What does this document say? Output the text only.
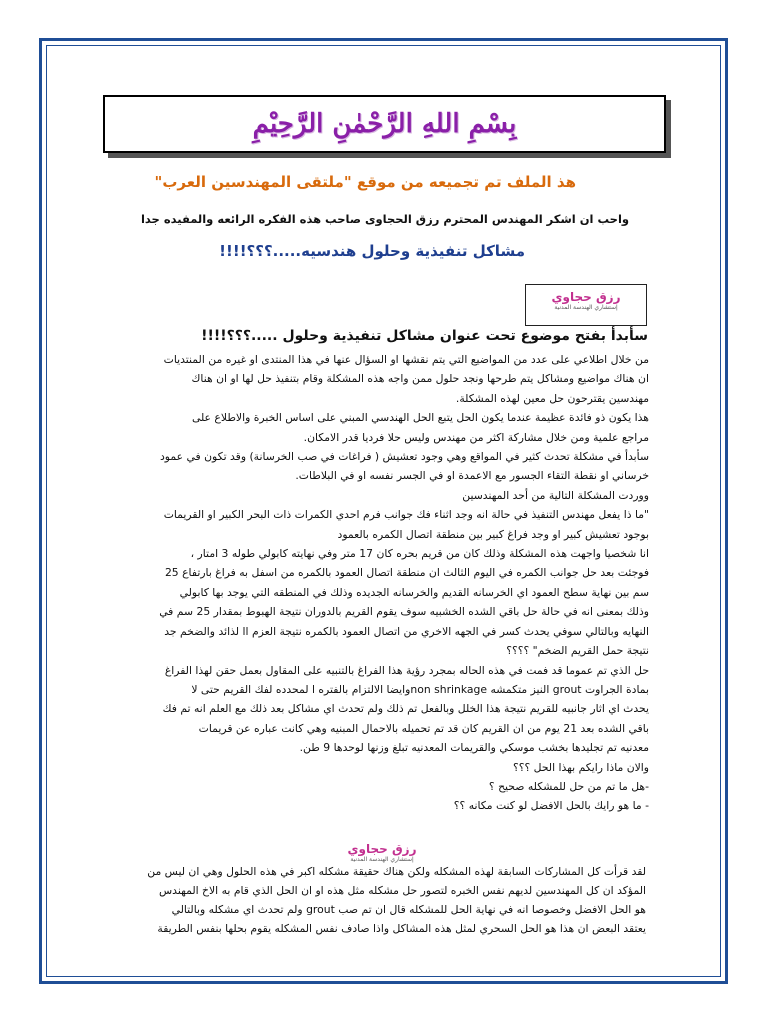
بِسْمِ اللهِ الرَّحْمٰنِ الرَّحِيْمِ
هذ الملف تم تجميعه من موقع "ملتقى المهندسين العرب"
واحب ان اشكر المهندس المحترم رزق الحجاوى صاحب هذه الفكره الرائعه والمفيده جدا
مشاكل تنفيذية وحلول هندسيه.....؟؟؟!!!!
رزق حجاوي
إستشاري الهندسة المدنية
سأبدأ بفتح موضوع تحت عنوان مشاكل تنفيذية وحلول .....؟؟؟!!!!

من خلال اطلاعي على عدد من المواضيع التي يتم نقشها او السؤال عنها في هذا المنتدى او غيره من المنتديات

ان هناك مواضيع ومشاكل يتم طرحها ونجد حلول ممن واجه هذه المشكلة وقام بتنفيذ حل لها او ان هناك

مهندسين يقترحون حل معين لهذه المشكلة.

هذا يكون ذو فائدة عظيمة عندما يكون الحل يتبع الحل الهندسي المبني على اساس الخبرة والاطلاع على

مراجع علمية ومن خلال مشاركة اكثر من مهندس وليس حلا فرديا قدر الامكان.

سأبدأ في مشكلة تحدث كثير في المواقع وهي وجود تعشيش ( فراغات في صب الخرسانة) وقد تكون في عمود

خرساني او نقطة التقاء الجسور مع الاعمدة او في الجسر نفسه او في البلاطات.

ووردت المشكلة التالية من أحد المهندسين

"ما ذا يفعل مهندس التنفيذ في حالة انه وجد اثناء فك جوانب فرم احدي الكمرات ذات البحر الكبير او القريمات

بوجود تعشيش كبير او وجد فراغ كبير بين منطقة اتصال الكمره بالعمود

انا شخصيا واجهت هذه المشكلة وذلك كان من قريم بحره كان 17 متر وفي نهايته كابولي طوله 3 امتار ،

فوجئت بعد حل جوانب الكمره في اليوم الثالث ان منطقة اتصال العمود بالكمره من اسفل به فراغ بارتفاع 25

سم بين نهاية سطح العمود اي الخرسانه القديم والخرسانه الجديده وذلك في المنطقه التي يوجد بها كابولي

وذلك بمعنى انه في حالة حل باقي الشده الخشبيه سوف يقوم القريم بالدوران نتيجة الهبوط بمقدار 25 سم في

النهايه وبالتالي سوفي يحدث كسر في الجهه الاخري من اتصال العمود بالكمره نتيجة العزم اا لذائد والضخم جد

نتيجة حمل القريم الضخم" ؟؟؟؟

حل الذي تم عموما قد فمت في هذه الحاله بمجرد رؤية هذا الفراغ بالتنبيه على المقاول بعمل حقن لهذا الفراغ

بمادة الجراوت grout النيز متكمشه non shrinkageوايضا الالتزام بالفتره ا لمحدده لفك القريم حتى لا

يحدث اي اثار جانبيه للقريم نتيجة هذا الخلل وبالفعل تم ذلك ولم تحدث اي مشاكل بعد ذلك مع العلم انه تم فك

باقي الشده بعد 21 يوم من ان القريم كان قد تم تحميله بالاحمال المبنيه وهي كانت عباره عن قريمات

معدنيه تم تجليدها بخشب موسكي والقريمات المعدنيه تبلغ وزنها لوحدها 9 طن.

والان ماذا رايكم بهذا الحل ؟؟؟

-هل ما تم من حل للمشكله صحيح ؟

- ما هو رايك بالحل الافضل لو كنت مكانه ؟؟

رزق حجاوي
إستشاري الهندسة المدنية

لقد قرأت كل المشاركات السابقة لهذه المشكله ولكن هناك حقيقة مشكله اكبر في هذه الحلول وهي ان ليس من

المؤكد ان كل المهندسين لديهم نفس الخبره لتصور حل مشكله مثل هذه او ان الحل الذي قام به الاخ المهندس

هو الحل الافضل وخصوصا انه في نهاية الحل للمشكله قال ان تم صب grout ولم تحدث اي مشكله وبالتالي

يعتقد البعض ان هذا هو الحل السحري لمثل هذه المشاكل واذا صادف نفس المشكله يقوم بحلها بنفس الطريقة
